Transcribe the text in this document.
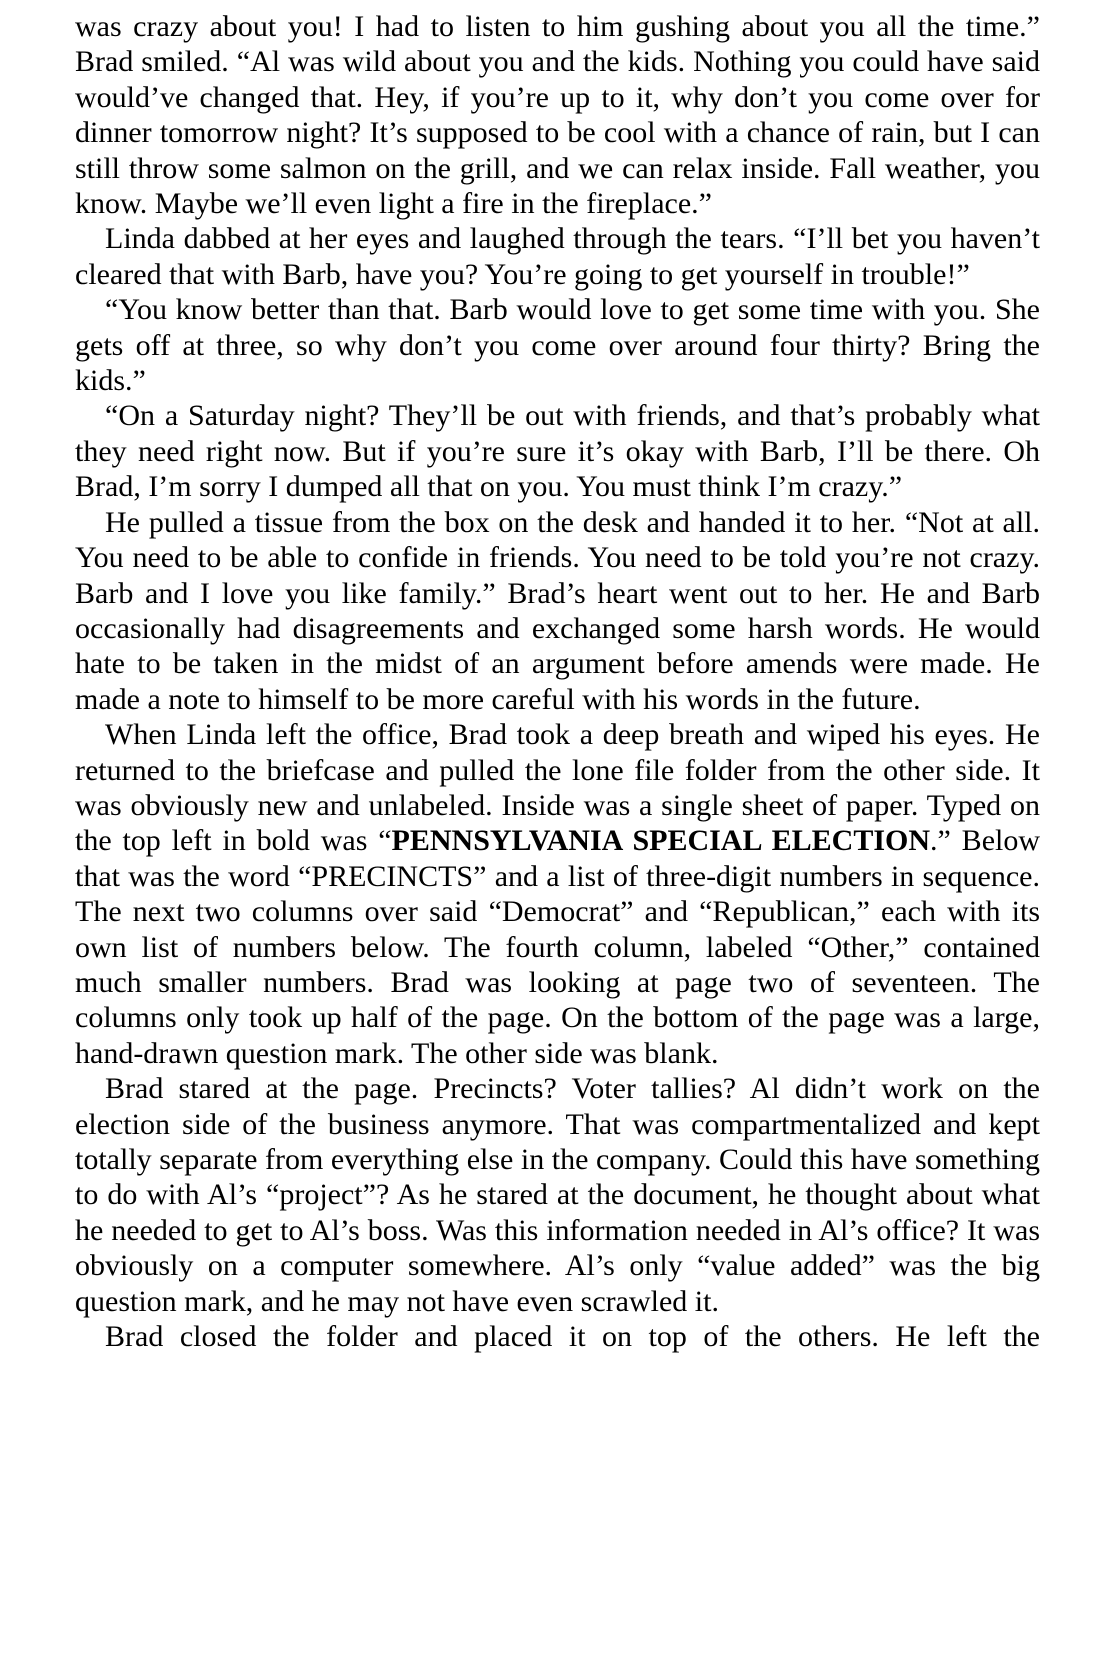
was crazy about you! I had to listen to him gushing about you all the time.” Brad smiled. “Al was wild about you and the kids. Nothing you could have said would’ve changed that. Hey, if you’re up to it, why don’t you come over for dinner tomorrow night? It’s supposed to be cool with a chance of rain, but I can still throw some salmon on the grill, and we can relax inside. Fall weather, you know. Maybe we’ll even light a fire in the fireplace.”

Linda dabbed at her eyes and laughed through the tears. “I’ll bet you haven’t cleared that with Barb, have you? You’re going to get yourself in trouble!”

“You know better than that. Barb would love to get some time with you. She gets off at three, so why don’t you come over around four thirty? Bring the kids.”

“On a Saturday night? They’ll be out with friends, and that’s probably what they need right now. But if you’re sure it’s okay with Barb, I’ll be there. Oh Brad, I’m sorry I dumped all that on you. You must think I’m crazy.”

He pulled a tissue from the box on the desk and handed it to her. “Not at all. You need to be able to confide in friends. You need to be told you’re not crazy. Barb and I love you like family.” Brad’s heart went out to her. He and Barb occasionally had disagreements and exchanged some harsh words. He would hate to be taken in the midst of an argument before amends were made. He made a note to himself to be more careful with his words in the future.

When Linda left the office, Brad took a deep breath and wiped his eyes. He returned to the briefcase and pulled the lone file folder from the other side. It was obviously new and unlabeled. Inside was a single sheet of paper. Typed on the top left in bold was “PENNSYLVANIA SPECIAL ELECTION.” Below that was the word “PRECINCTS” and a list of three-digit numbers in sequence. The next two columns over said “Democrat” and “Republican,” each with its own list of numbers below. The fourth column, labeled “Other,” contained much smaller numbers. Brad was looking at page two of seventeen. The columns only took up half of the page. On the bottom of the page was a large, hand-drawn question mark. The other side was blank.

Brad stared at the page. Precincts? Voter tallies? Al didn’t work on the election side of the business anymore. That was compartmentalized and kept totally separate from everything else in the company. Could this have something to do with Al’s “project”? As he stared at the document, he thought about what he needed to get to Al’s boss. Was this information needed in Al’s office? It was obviously on a computer somewhere. Al’s only “value added” was the big question mark, and he may not have even scrawled it.

Brad closed the folder and placed it on top of the others. He left the
